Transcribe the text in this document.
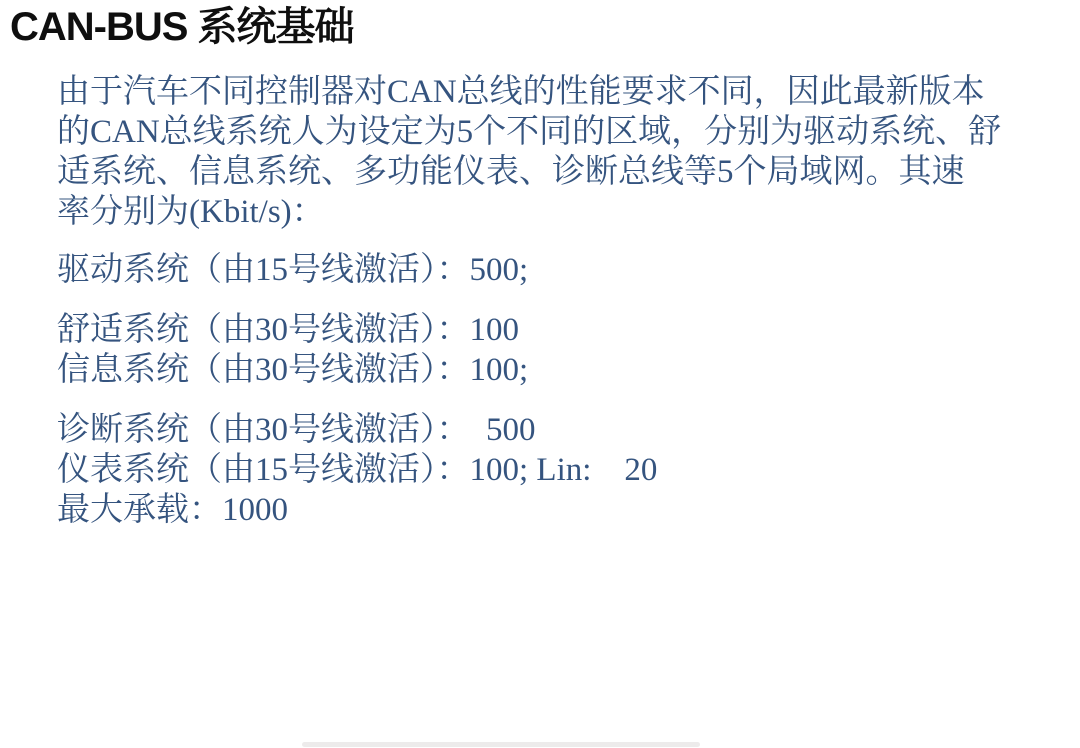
CAN-BUS 系统基础
由于汽车不同控制器对CAN总线的性能要求不同，因此最新版本
的CAN总线系统人为设定为5个不同的区域，分别为驱动系统、舒
适系统、信息系统、多功能仪表、诊断总线等5个局域网。其速
率分别为(Kbit/s)：
驱动系统（由15号线激活）：500;
舒适系统（由30号线激活）：100
信息系统（由30号线激活）：100;
诊断系统（由30号线激活）：  500
仪表系统（由15号线激活）：100; Lin:    20
最大承载：1000
